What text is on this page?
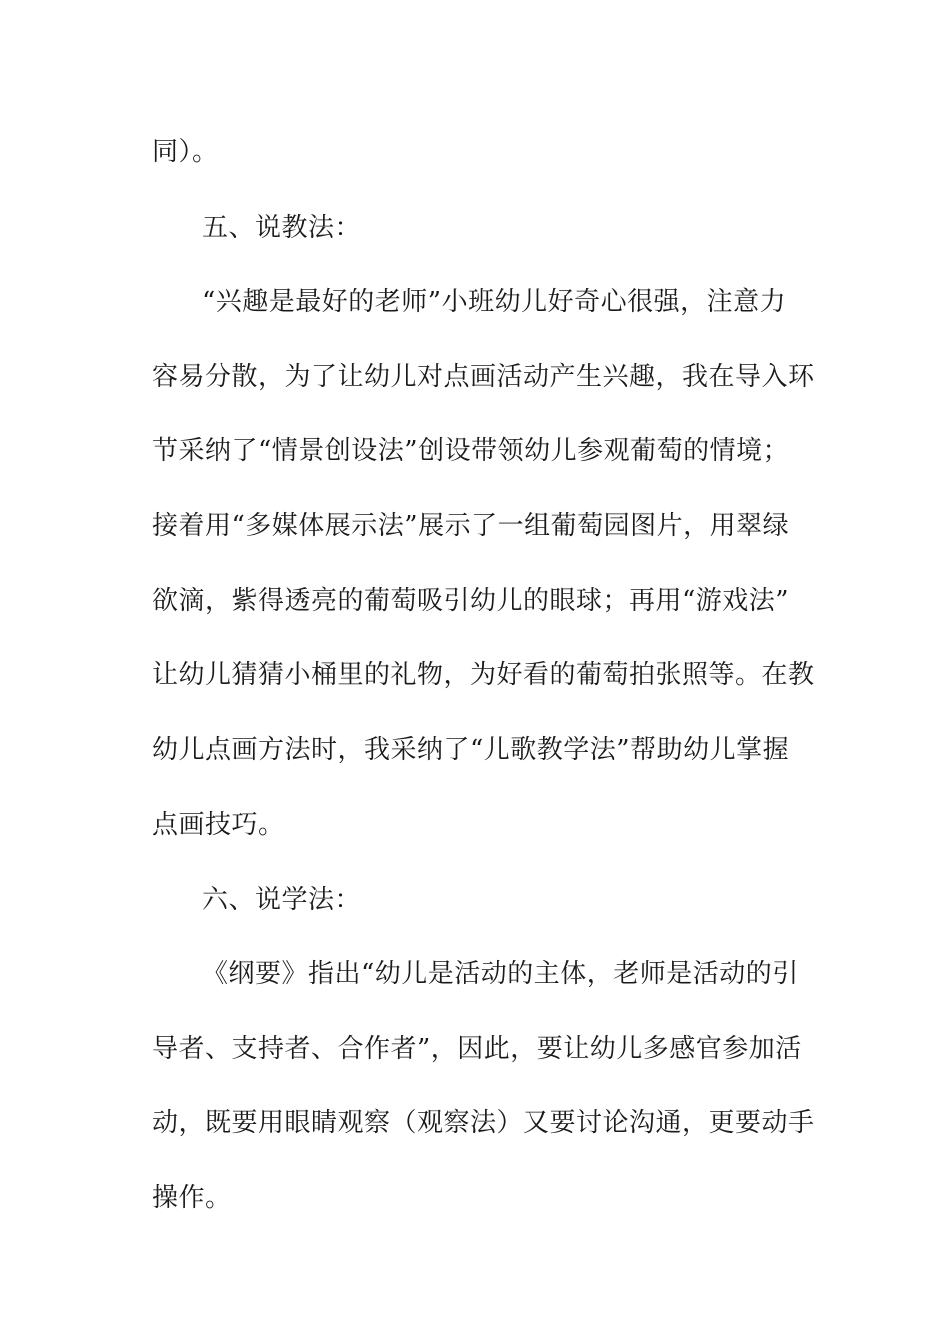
同）。
五、说教法：
“兴趣是最好的老师”小班幼儿好奇心很强，注意力
容易分散，为了让幼儿对点画活动产生兴趣，我在导入环
节采纳了“情景创设法”创设带领幼儿参观葡萄的情境；
接着用“多媒体展示法”展示了一组葡萄园图片，用翠绿
欲滴，紫得透亮的葡萄吸引幼儿的眼球；再用“游戏法”
让幼儿猜猜小桶里的礼物，为好看的葡萄拍张照等。在教
幼儿点画方法时，我采纳了“儿歌教学法”帮助幼儿掌握
点画技巧。
六、说学法：
《纲要》指出“幼儿是活动的主体，老师是活动的引
导者、支持者、合作者”，因此，要让幼儿多感官参加活
动，既要用眼睛观察（观察法）又要讨论沟通，更要动手
操作。
